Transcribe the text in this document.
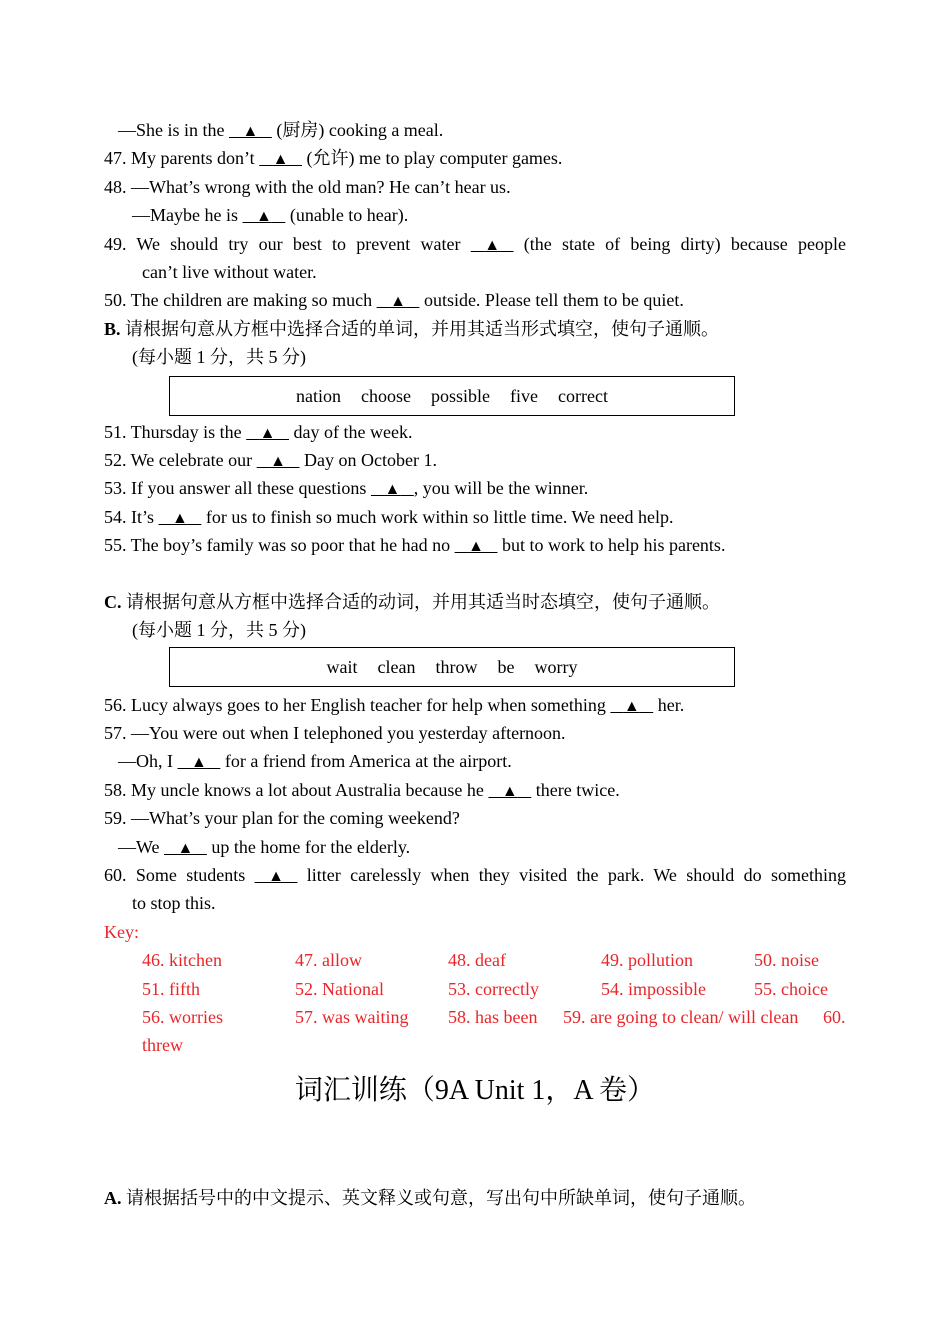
—She is in the    ▲    (厨房) cooking a meal.
47. My parents don’t    ▲    (允许) me to play computer games.
48. —What’s wrong with the old man? He can’t hear us.
—Maybe he is    ▲    (unable to hear).
49. We should try our best to prevent water    ▲    (the state of being dirty) because people
can’t live without water.
50. The children are making so much    ▲    outside. Please tell them to be quiet.
B. 请根据句意从方框中选择合适的单词，并用其适当形式填空，使句子通顺。
(每小题 1 分，共 5 分)
nation choose possible five correct
51. Thursday is the    ▲    day of the week.
52. We celebrate our    ▲    Day on October 1.
53. If you answer all these questions    ▲ , you will be the winner.
54. It’s    ▲    for us to finish so much work within so little time. We need help.
55. The boy’s family was so poor that he had no    ▲    but to work to help his parents.
C. 请根据句意从方框中选择合适的动词，并用其适当时态填空，使句子通顺。
(每小题 1 分，共 5 分)
wait clean throw be worry
56. Lucy always goes to her English teacher for help when something    ▲    her.
57. —You were out when I telephoned you yesterday afternoon.
—Oh, I    ▲    for a friend from America at the airport.
58. My uncle knows a lot about Australia because he    ▲    there twice.
59. —What’s your plan for the coming weekend?
—We    ▲    up the home for the elderly.
60. Some students    ▲    litter carelessly when they visited the park. We should do something
to stop this.
Key:
46. kitchen	47. allow	48. deaf	49. pollution	50. noise
51. fifth	52. National	53. correctly	54. impossible	55. choice
56. worries	57. was waiting 58. has been 59. are going to clean/ will clean 60.
threw
词汇训练（9A Unit 1，A 卷）
A. 请根据括号中的中文提示、英文释义或句意，写出句中所缺单词，使句子通顺。
